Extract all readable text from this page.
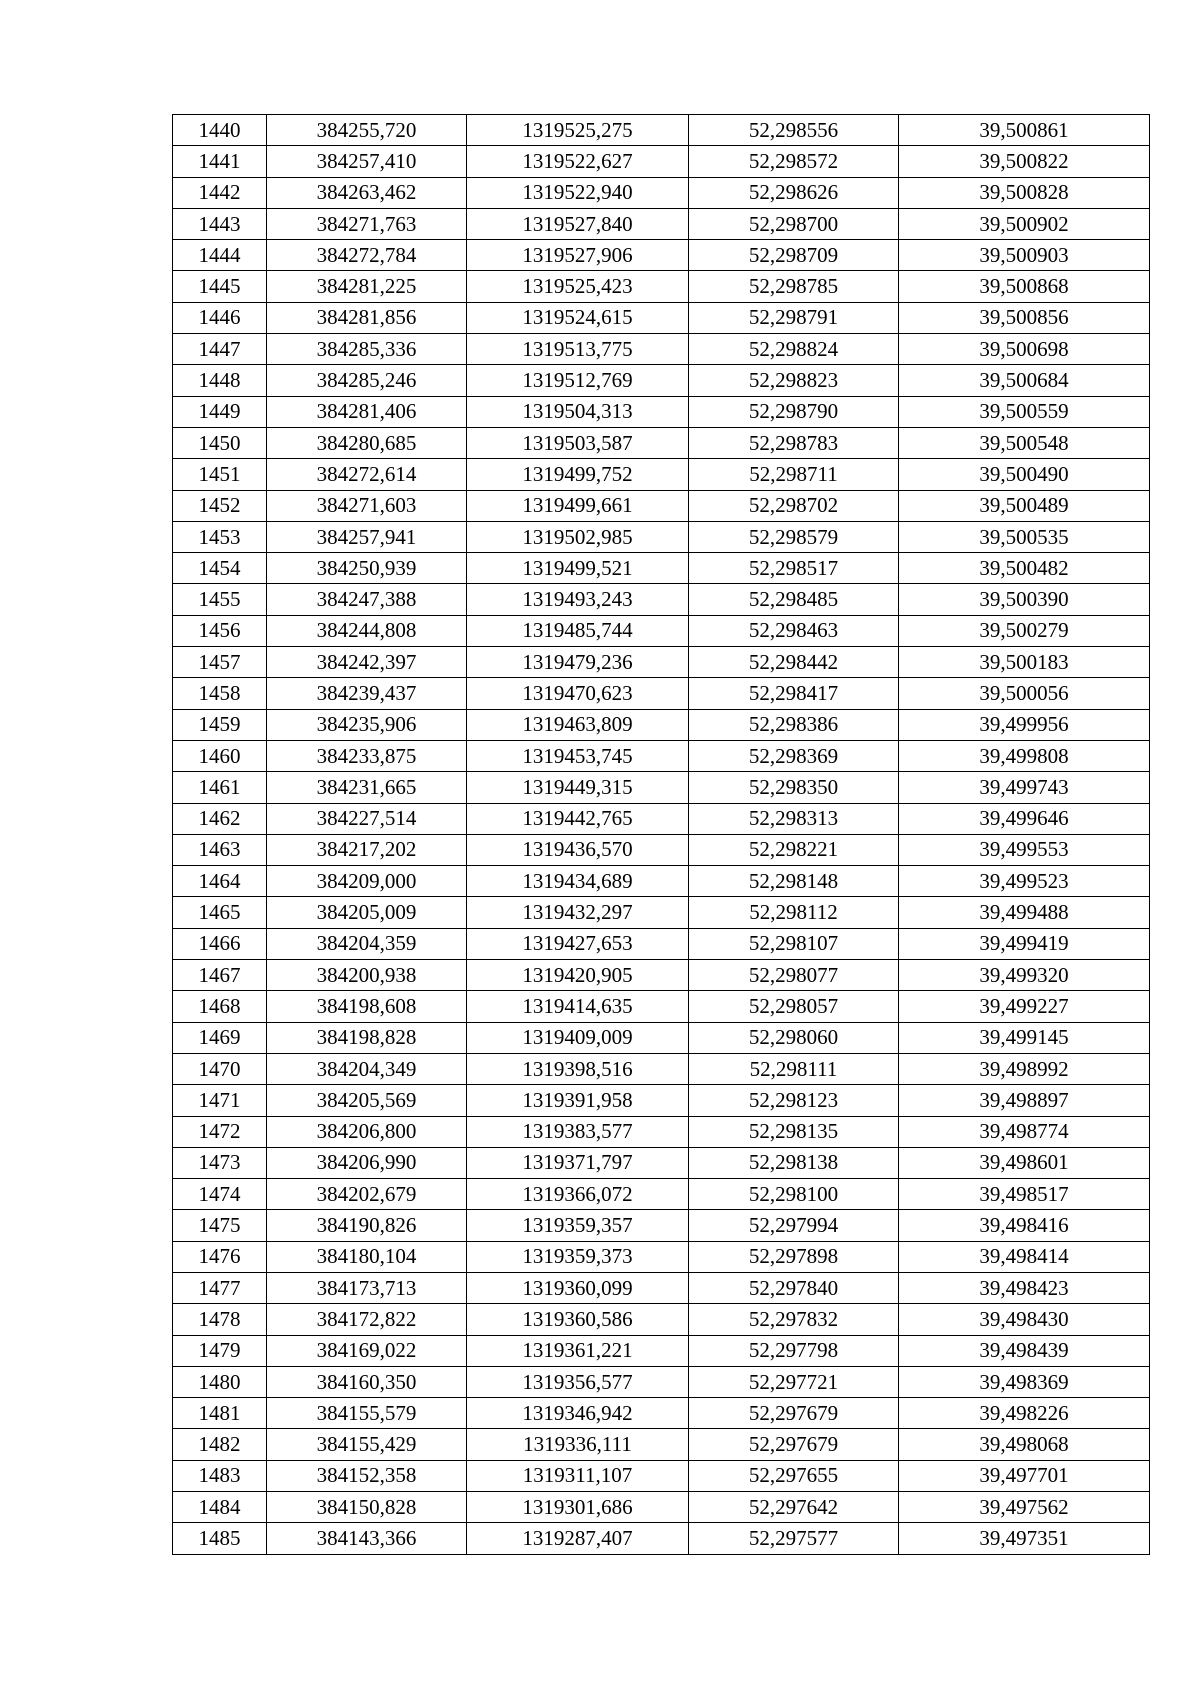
1440	384255,720	1319525,275	52,298556	39,500861
1441	384257,410	1319522,627	52,298572	39,500822
1442	384263,462	1319522,940	52,298626	39,500828
1443	384271,763	1319527,840	52,298700	39,500902
1444	384272,784	1319527,906	52,298709	39,500903
1445	384281,225	1319525,423	52,298785	39,500868
1446	384281,856	1319524,615	52,298791	39,500856
1447	384285,336	1319513,775	52,298824	39,500698
1448	384285,246	1319512,769	52,298823	39,500684
1449	384281,406	1319504,313	52,298790	39,500559
1450	384280,685	1319503,587	52,298783	39,500548
1451	384272,614	1319499,752	52,298711	39,500490
1452	384271,603	1319499,661	52,298702	39,500489
1453	384257,941	1319502,985	52,298579	39,500535
1454	384250,939	1319499,521	52,298517	39,500482
1455	384247,388	1319493,243	52,298485	39,500390
1456	384244,808	1319485,744	52,298463	39,500279
1457	384242,397	1319479,236	52,298442	39,500183
1458	384239,437	1319470,623	52,298417	39,500056
1459	384235,906	1319463,809	52,298386	39,499956
1460	384233,875	1319453,745	52,298369	39,499808
1461	384231,665	1319449,315	52,298350	39,499743
1462	384227,514	1319442,765	52,298313	39,499646
1463	384217,202	1319436,570	52,298221	39,499553
1464	384209,000	1319434,689	52,298148	39,499523
1465	384205,009	1319432,297	52,298112	39,499488
1466	384204,359	1319427,653	52,298107	39,499419
1467	384200,938	1319420,905	52,298077	39,499320
1468	384198,608	1319414,635	52,298057	39,499227
1469	384198,828	1319409,009	52,298060	39,499145
1470	384204,349	1319398,516	52,298111	39,498992
1471	384205,569	1319391,958	52,298123	39,498897
1472	384206,800	1319383,577	52,298135	39,498774
1473	384206,990	1319371,797	52,298138	39,498601
1474	384202,679	1319366,072	52,298100	39,498517
1475	384190,826	1319359,357	52,297994	39,498416
1476	384180,104	1319359,373	52,297898	39,498414
1477	384173,713	1319360,099	52,297840	39,498423
1478	384172,822	1319360,586	52,297832	39,498430
1479	384169,022	1319361,221	52,297798	39,498439
1480	384160,350	1319356,577	52,297721	39,498369
1481	384155,579	1319346,942	52,297679	39,498226
1482	384155,429	1319336,111	52,297679	39,498068
1483	384152,358	1319311,107	52,297655	39,497701
1484	384150,828	1319301,686	52,297642	39,497562
1485	384143,366	1319287,407	52,297577	39,497351
